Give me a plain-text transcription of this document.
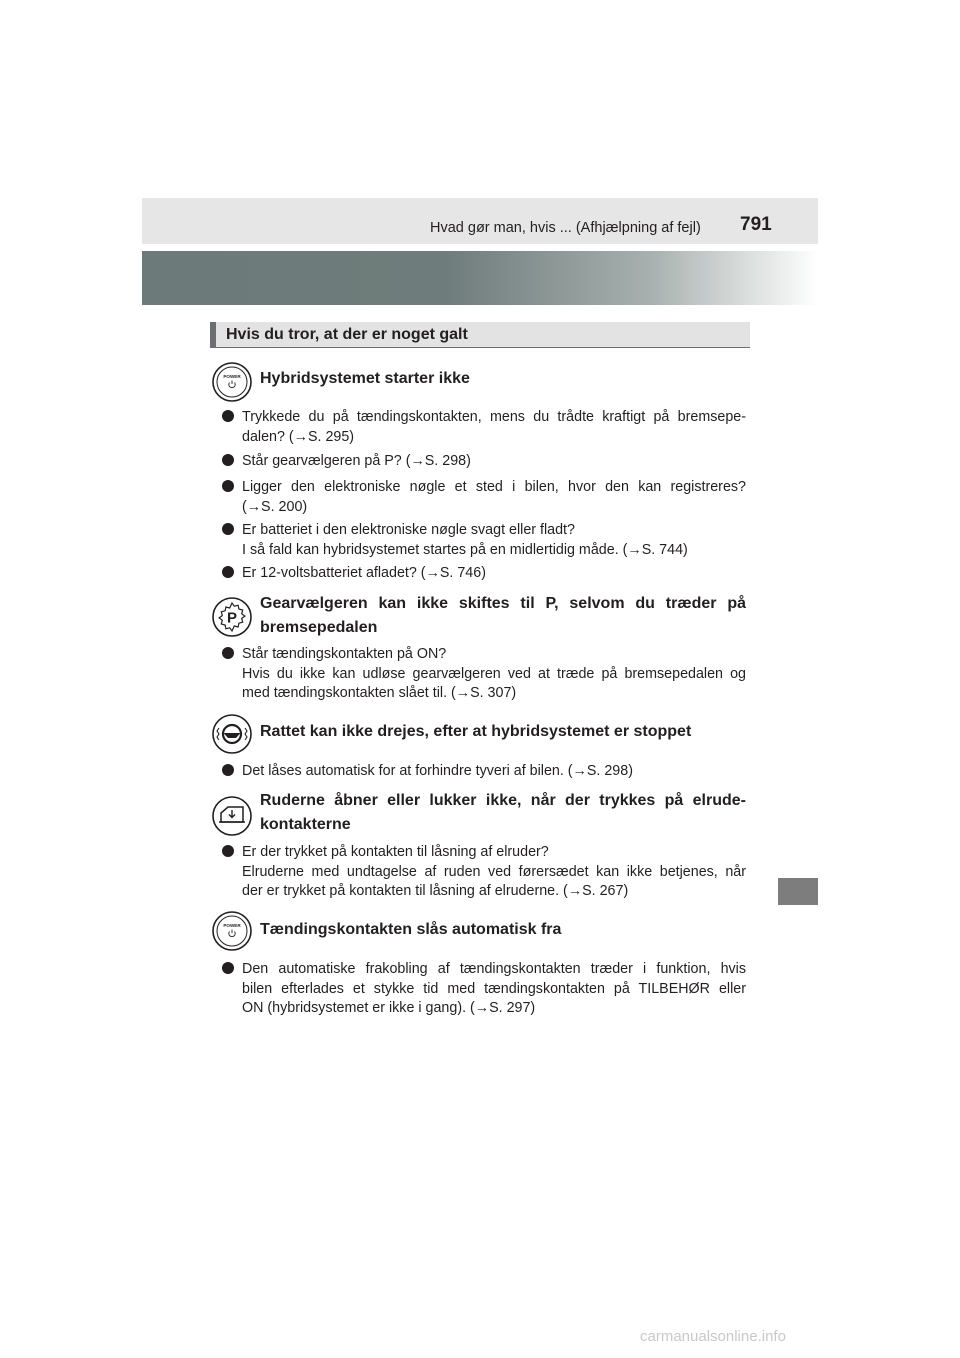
Hvad gør man, hvis ... (Afhjælpning af fejl) 791
Hvis du tror, at der er noget galt
POWER Hybridsystemet starter ikke
Trykkede du på tændingskontakten, mens du trådte kraftigt på bremsepe-
dalen? (→S. 295)
Står gearvælgeren på P? (→S. 298)
Ligger den elektroniske nøgle et sted i bilen, hvor den kan registreres?
(→S. 200)
Er batteriet i den elektroniske nøgle svagt eller fladt?
I så fald kan hybridsystemet startes på en midlertidig måde. (→S. 744)
Er 12-voltsbatteriet afladet? (→S. 746)
P
Gearvælgeren kan ikke skiftes til P, selvom du træder på
bremsepedalen
Står tændingskontakten på ON?
Hvis du ikke kan udløse gearvælgeren ved at træde på bremsepedalen og
med tændingskontakten slået til. (→S. 307)
Rattet kan ikke drejes, efter at hybridsystemet er stoppet
Det låses automatisk for at forhindre tyveri af bilen. (→S. 298)
Ruderne åbner eller lukker ikke, når der trykkes på elrude-
kontakterne
Er der trykket på kontakten til låsning af elruder?
Elruderne med undtagelse af ruden ved førersædet kan ikke betjenes, når
der er trykket på kontakten til låsning af elruderne. (→S. 267)
POWER Tændingskontakten slås automatisk fra
Den automatiske frakobling af tændingskontakten træder i funktion, hvis
bilen efterlades et stykke tid med tændingskontakten på TILBEHØR eller
ON (hybridsystemet er ikke i gang). (→S. 297)
carmanualsonline.info
